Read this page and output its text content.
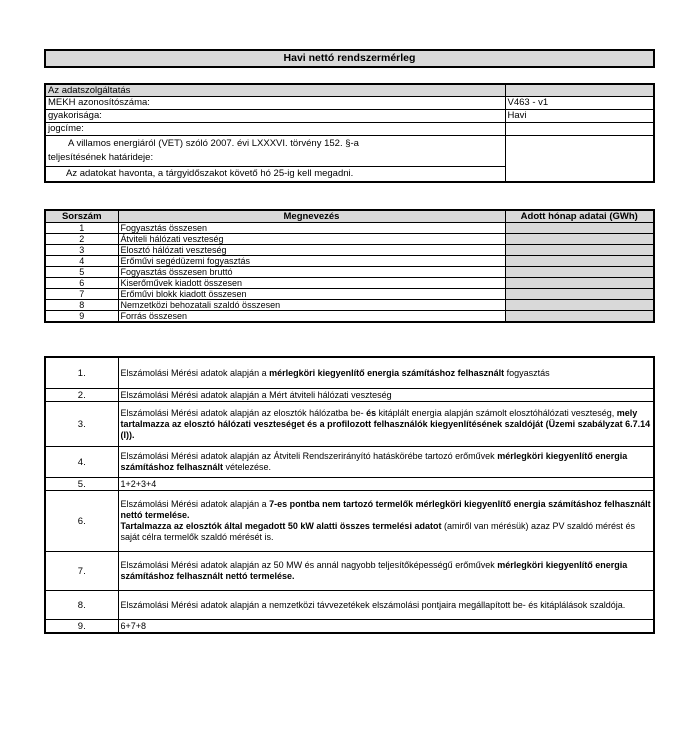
Havi nettó rendszermérleg
Az adatszolgáltatás	
MEKH azonosítószáma:	V463 - v1
gyakorisága:	Havi
jogcíme:	

A villamos energiáról (VET) szóló 2007. évi LXXXVI. törvény 152. §-a
teljesítésének határideje:	

Az adatokat havonta, a tárgyidőszakot követő hó 25-ig kell megadni.	
Sorszám	Megnevezés	Adott hónap adatai (GWh)
1	Fogyasztás összesen	
2	Átviteli hálózati veszteség	
3	Elosztó hálózati veszteség	
4	Erőművi segédüzemi fogyasztás	
5	Fogyasztás összesen bruttó	
6	Kiserőművek kiadott összesen	
7	Erőművi blokk kiadott összesen	
8	Nemzetközi behozatali szaldó összesen	
9	Forrás összesen	
1.	Elszámolási Mérési adatok alapján a mérlegköri kiegyenlítő energia számításhoz felhasznált fogyasztás
2.	Elszámolási Mérési adatok alapján a Mért átviteli hálózati veszteség
3.	Elszámolási Mérési adatok alapján az elosztók hálózatba be- és kitáplált energia alapján számolt elosztóhálózati veszteség, mely tartalmazza az elosztó hálózati veszteséget és a profilozott felhasználók kiegyenlítésének szaldóját (Üzemi szabályzat 6.7.14 (I)).
4.	Elszámolási Mérési adatok alapján az Átviteli Rendszerirányító hatáskörébe tartozó erőművek mérlegköri kiegyenlítő energia számításhoz felhasznált vételezése.
5.	1+2+3+4
6.	Elszámolási Mérési adatok alapján a 7-es pontba nem tartozó termelők mérlegköri kiegyenlítő energia számításhoz felhasznált nettó termelése.
Tartalmazza az elosztók által megadott 50 kW alatti összes termelési adatot (amiről van mérésük) azaz PV szaldó mérést és saját célra termelők szaldó mérését is.
7.	Elszámolási Mérési adatok alapján az 50 MW és annál nagyobb teljesítőképességű erőművek mérlegköri kiegyenlítő energia számításhoz felhasznált nettó termelése.
8.	Elszámolási Mérési adatok alapján a nemzetközi távvezetékek elszámolási pontjaira megállapított be- és kitáplálások szaldója.
9.	6+7+8
